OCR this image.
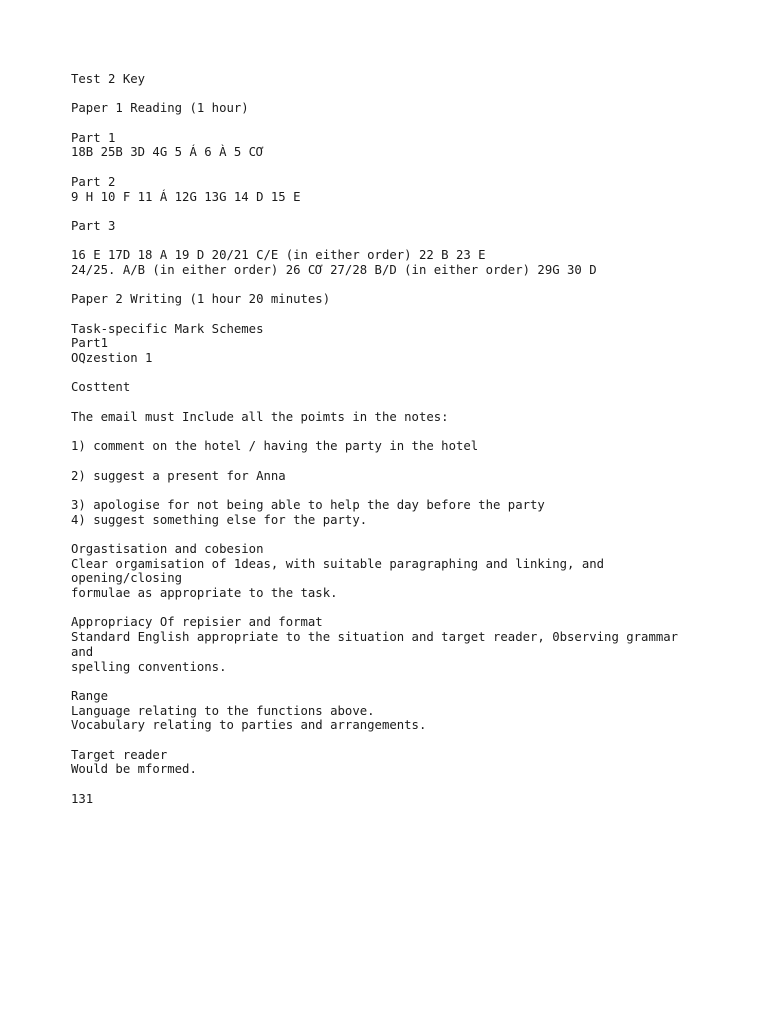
Test 2 Key
Paper 1 Reading (1 hour)
Part 1
18B 25B 3D 4G 5 Á 6 À 5 CƠ
Part 2
9 H 10 F 11 Á 12G 13G 14 D 15 E
Part 3
16 E 17D 18 A 19 D 20/21 C/E (in either order) 22 B 23 E
24/25. A/B (in either order) 26 CƠ 27/28 B/D (in either order) 29G 30 D
Paper 2 Writing (1 hour 20 minutes)
Task-specific Mark Schemes
Part1
OQzestion 1
Costtent
The email must Include all the poimts in the notes:
1) comment on the hotel / having the party in the hotel
2) suggest a present for Anna
3) apologise for not being able to help the day before the party
4) suggest something else for the party.
Orgastisation and cobesion
Clear orgamisation of 1deas, with suitable paragraphing and linking, and
opening/closing
formulae as appropriate to the task.
Appropriacy Of repisier and format
Standard English appropriate to the situation and target reader, 0bserving grammar
and
spelling conventions.
Range
Language relating to the functions above.
Vocabulary relating to parties and arrangements.
Target reader
Would be mformed.
131
